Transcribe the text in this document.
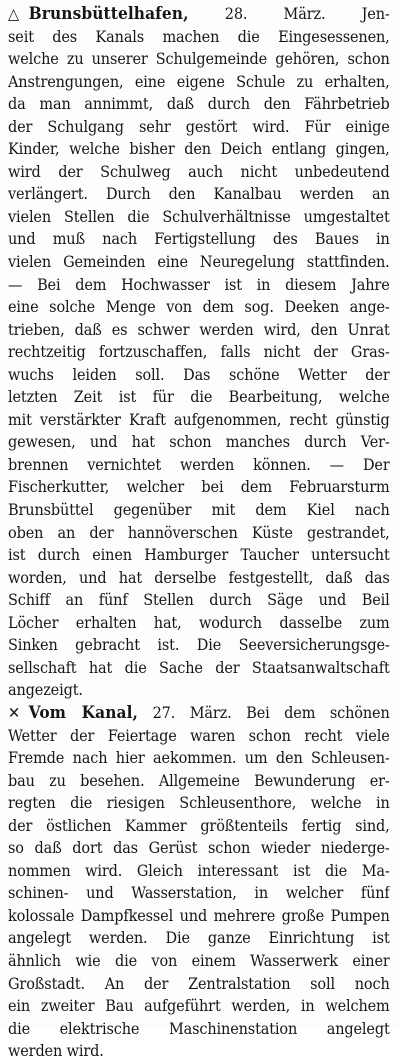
△ Brunsbüttelhafen, 28. März. Jen-
seit des Kanals machen die Eingesessenen,
welche zu unserer Schulgemeinde gehören, schon
Anstrengungen, eine eigene Schule zu erhalten,
da man annimmt, daß durch den Fährbetrieb
der Schulgang sehr gestört wird. Für einige
Kinder, welche bisher den Deich entlang gingen,
wird der Schulweg auch nicht unbedeutend
verlängert. Durch den Kanalbau werden an
vielen Stellen die Schulverhältnisse umgestaltet
und muß nach Fertigstellung des Baues in
vielen Gemeinden eine Neuregelung stattfinden.
— Bei dem Hochwasser ist in diesem Jahre
eine solche Menge von dem sog. Deeken ange-
trieben, daß es schwer werden wird, den Unrat
rechtzeitig fortzuschaffen, falls nicht der Gras-
wuchs leiden soll. Das schöne Wetter der
letzten Zeit ist für die Bearbeitung, welche
mit verstärkter Kraft aufgenommen, recht günstig
gewesen, und hat schon manches durch Ver-
brennen vernichtet werden können. — Der
Fischerkutter, welcher bei dem Februarsturm
Brunsbüttel gegenüber mit dem Kiel nach
oben an der hannöverschen Küste gestrandet,
ist durch einen Hamburger Taucher untersucht
worden, und hat derselbe festgestellt, daß das
Schiff an fünf Stellen durch Säge und Beil
Löcher erhalten hat, wodurch dasselbe zum
Sinken gebracht ist. Die Seeversicherungsge-
sellschaft hat die Sache der Staatsanwaltschaft
angezeigt.
✕ Vom Kanal, 27. März. Bei dem schönen
Wetter der Feiertage waren schon recht viele
Fremde nach hier aekommen. um den Schleusen-
bau zu besehen. Allgemeine Bewunderung er-
regten die riesigen Schleusenthore, welche in
der östlichen Kammer größtenteils fertig sind,
so daß dort das Gerüst schon wieder niederge-
nommen wird. Gleich interessant ist die Ma-
schinen- und Wasserstation, in welcher fünf
kolossale Dampfkessel und mehrere große Pumpen
angelegt werden. Die ganze Einrichtung ist
ähnlich wie die von einem Wasserwerk einer
Großstadt. An der Zentralstation soll noch
ein zweiter Bau aufgeführt werden, in welchem
die elektrische Maschinenstation angelegt
werden wird.
